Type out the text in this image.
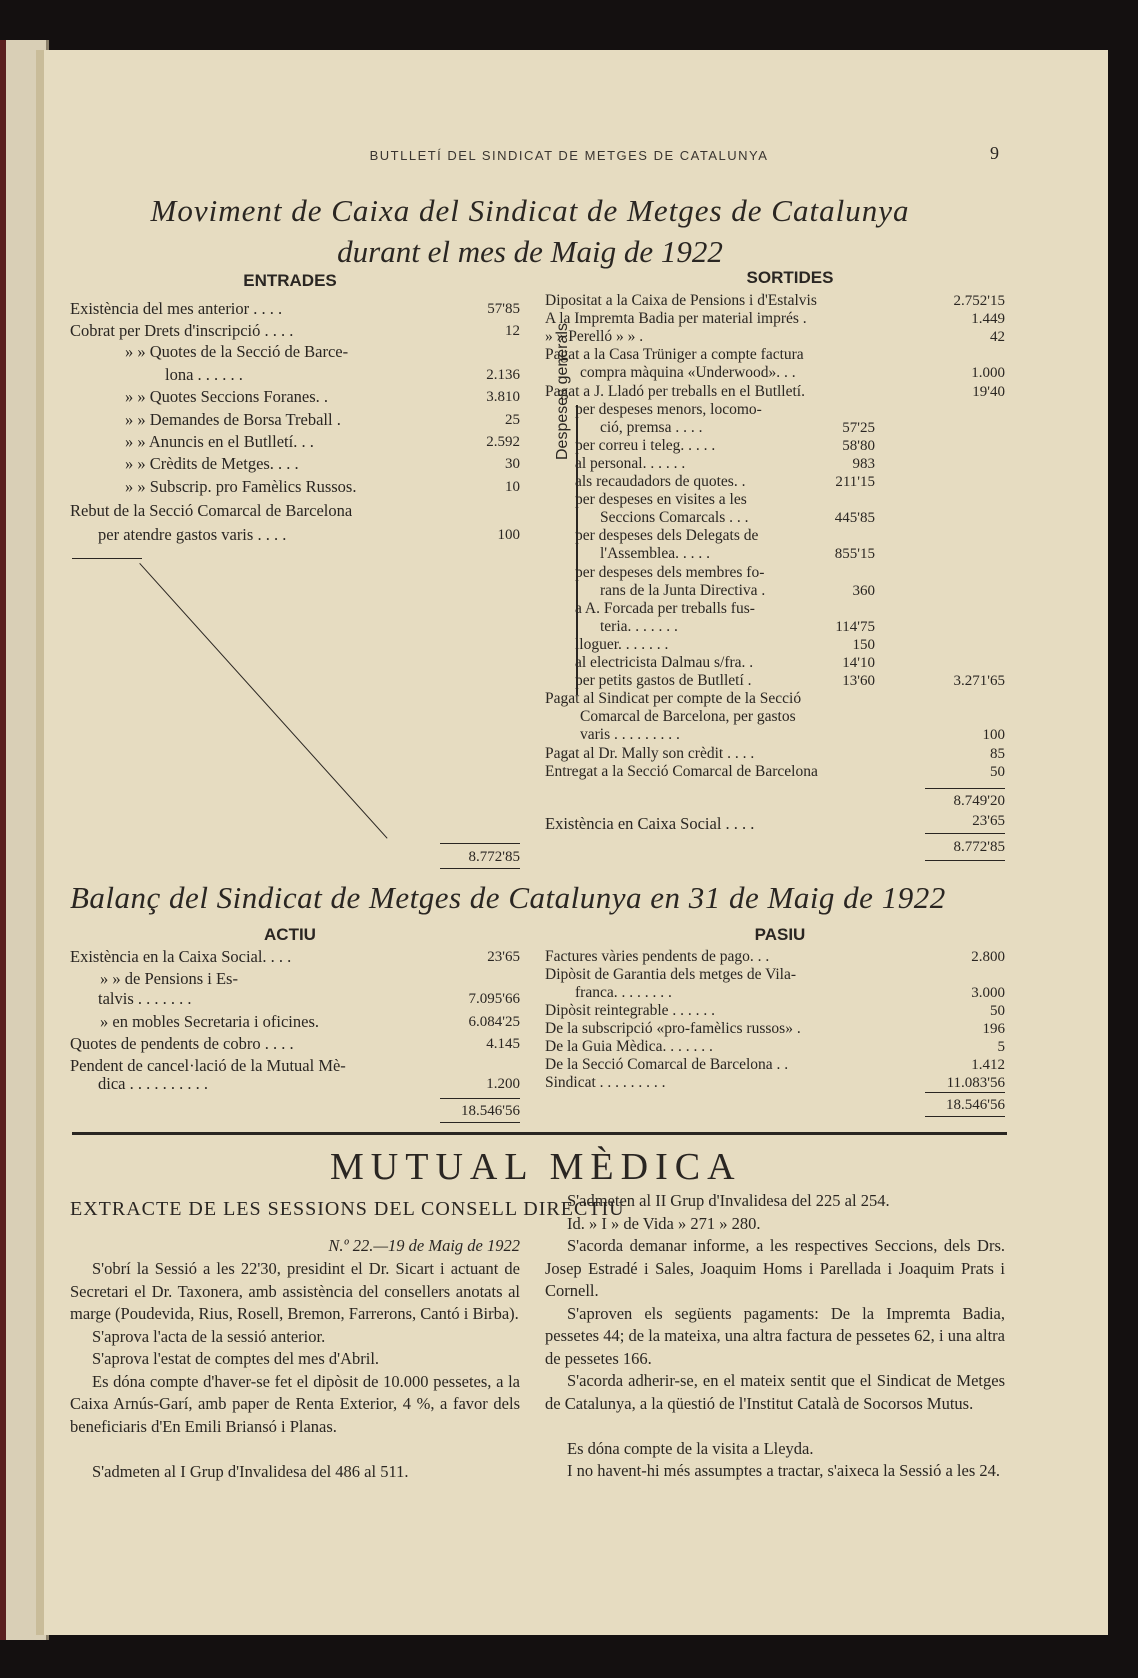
BUTLLETÍ DEL SINDICAT DE METGES DE CATALUNYA	9
Moviment de Caixa del Sindicat de Metges de Catalunya
durant el mes de Maig de 1922
ENTRADES	SORTIDES
Existència del mes anterior . . . .	57'85
Cobrat per Drets d'inscripció . . . .	12
» » Quotes de la Secció de Barce-
lona . . . . . .	2.136
» » Quotes Seccions Foranes. .	3.810
» » Demandes de Borsa Treball .	25
» » Anuncis en el Butlletí. . .	2.592
» » Crèdits de Metges. . . .	30
» » Subscrip. pro Famèlics Russos.	10
Rebut de la Secció Comarcal de Barcelona
per atendre gastos varis . . . .	100
8.772'85
Despeses generals
Dipositat a la Caixa de Pensions i d'Estalvis	2.752'15
A la Impremta Badia per material imprés .	1.449
» » Perelló » » .	42
Pagat a la Casa Trüniger a compte factura
compra màquina «Underwood». . .	1.000
Pagat a J. Lladó per treballs en el Butlletí.	19'40
per despeses menors, locomo-
ció, premsa . . . .	57'25
per correu i teleg. . . . .	58'80
al personal. . . . . .	983
als recaudadors de quotes. .	211'15
per despeses en visites a les
Seccions Comarcals . . .	445'85
per despeses dels Delegats de
l'Assemblea. . . . .	855'15
per despeses dels membres fo-
rans de la Junta Directiva .	360
a A. Forcada per treballs fus-
teria. . . . . . .	114'75
lloguer. . . . . . .	150
al electricista Dalmau s/fra. .	14'10
per petits gastos de Butlletí .	13'60	3.271'65
Pagat al Sindicat per compte de la Secció
Comarcal de Barcelona, per gastos
varis . . . . . . . . .	100
Pagat al Dr. Mally son crèdit . . . .	85
Entregat a la Secció Comarcal de Barcelona	50
8.749'20
Existència en Caixa Social . . . .	23'65
8.772'85
Balanç del Sindicat de Metges de Catalunya en 31 de Maig de 1922
ACTIU	PASIU
Existència en la Caixa Social. . . .	23'65
» » de Pensions i Es-
talvis . . . . . . .	7.095'66
» en mobles Secretaria i oficines.	6.084'25
Quotes de pendents de cobro . . . .	4.145
Pendent de cancel·lació de la Mutual Mè-
dica . . . . . . . . . .	1.200
18.546'56
Factures vàries pendents de pago. . .	2.800
Dipòsit de Garantia dels metges de Vila-
franca. . . . . . . .	3.000
Dipòsit reintegrable . . . . . .	50
De la subscripció «pro-famèlics russos» .	196
De la Guia Mèdica. . . . . . .	5
De la Secció Comarcal de Barcelona . .	1.412
Sindicat . . . . . . . . .	11.083'56
18.546'56
MUTUAL MÈDICA
EXTRACTE DE LES SESSIONS DEL CONSELL DIRECTIU
N.º 22.—19 de Maig de 1922
S'obrí la Sessió a les 22'30, presidint el Dr. Sicart i actuant de Secretari el Dr. Taxonera, amb assistència del consellers anotats al marge (Poudevida, Rius, Rosell, Bremon, Farrerons, Cantó i Birba).
S'aprova l'acta de la sessió anterior.
S'aprova l'estat de comptes del mes d'Abril.
Es dóna compte d'haver-se fet el dipòsit de 10.000 pessetes, a la Caixa Arnús-Garí, amb paper de Renta Exterior, 4 %, a favor dels beneficiaris d'En Emili Briansó i Planas.
S'admeten al I Grup d'Invalidesa del 486 al 511.
S'admeten al II Grup d'Invalidesa del 225 al 254.
Id. » I » de Vida » 271 » 280.
S'acorda demanar informe, a les respectives Seccions, dels Drs. Josep Estradé i Sales, Joaquim Homs i Parellada i Joaquim Prats i Cornell.
S'aproven els següents pagaments: De la Impremta Badia, pessetes 44; de la mateixa, una altra factura de pessetes 62, i una altra de pessetes 166.
S'acorda adherir-se, en el mateix sentit que el Sindicat de Metges de Catalunya, a la qüestió de l'Institut Català de Socorsos Mutus.
Es dóna compte de la visita a Lleyda.
I no havent-hi més assumptes a tractar, s'aixeca la Sessió a les 24.
